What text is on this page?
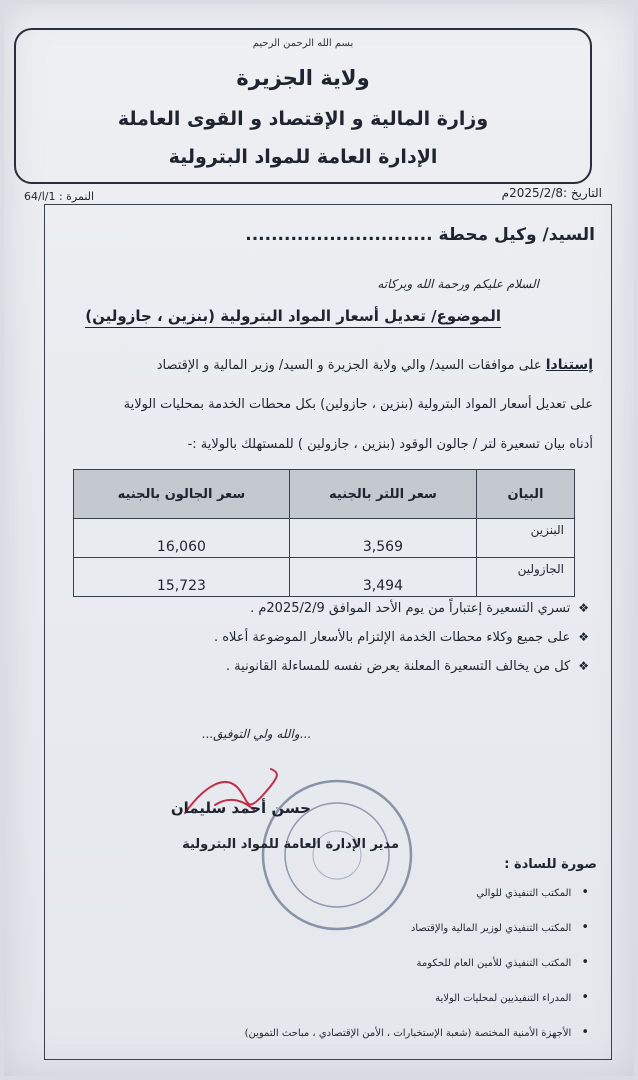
بسم الله الرحمن الرحيم
ولاية الجزيرة
وزارة المالية و الإقتصاد و القوى العاملة
الإدارة العامة للمواد البترولية
التاريخ :2025/2/8م
النمرة : 1/ا/64
السيد/ وكيل محطة .............................
السلام عليكم ورحمة الله وبركاته
الموضوع/ تعديل أسعار المواد البترولية (بنزين ، جازولين)
إستنادا على موافقات السيد/ والي ولاية الجزيرة و السيد/ وزير المالية و الإقتصاد
على تعديل أسعار المواد البترولية (بنزين ، جازولين) بكل محطات الخدمة بمحليات الولاية
أدناه بيان تسعيرة لتر / جالون الوقود (بنزين ، جازولين ) للمستهلك بالولاية :-
البيان	سعر اللتر بالجنيه	سعر الجالون بالجنيه
البنزين	3,569	16,060
الجازولين	3,494	15,723
❖ تسري التسعيرة إعتباراً من يوم الأحد الموافق 2025/2/9م .
❖ على جميع وكلاء محطات الخدمة الإلتزام بالأسعار الموضوعة أعلاه .
❖ كل من يخالف التسعيرة المعلنة يعرض نفسه للمساءلة القانونية .
...والله ولي التوفيق...
حسن أحمد سليمان
مدير الإدارة العامة للمواد البترولية
صورة للسادة :
• المكتب التنفيذي للوالي
• المكتب التنفيذي لوزير المالية والإقتصاد
• المكتب التنفيذي للأمين العام للحكومة
• المدراء التنفيذيين لمحليات الولاية
• الأجهزة الأمنية المختصة (شعبة الإستخبارات ، الأمن الإقتصادي ، مباحث التموين)
